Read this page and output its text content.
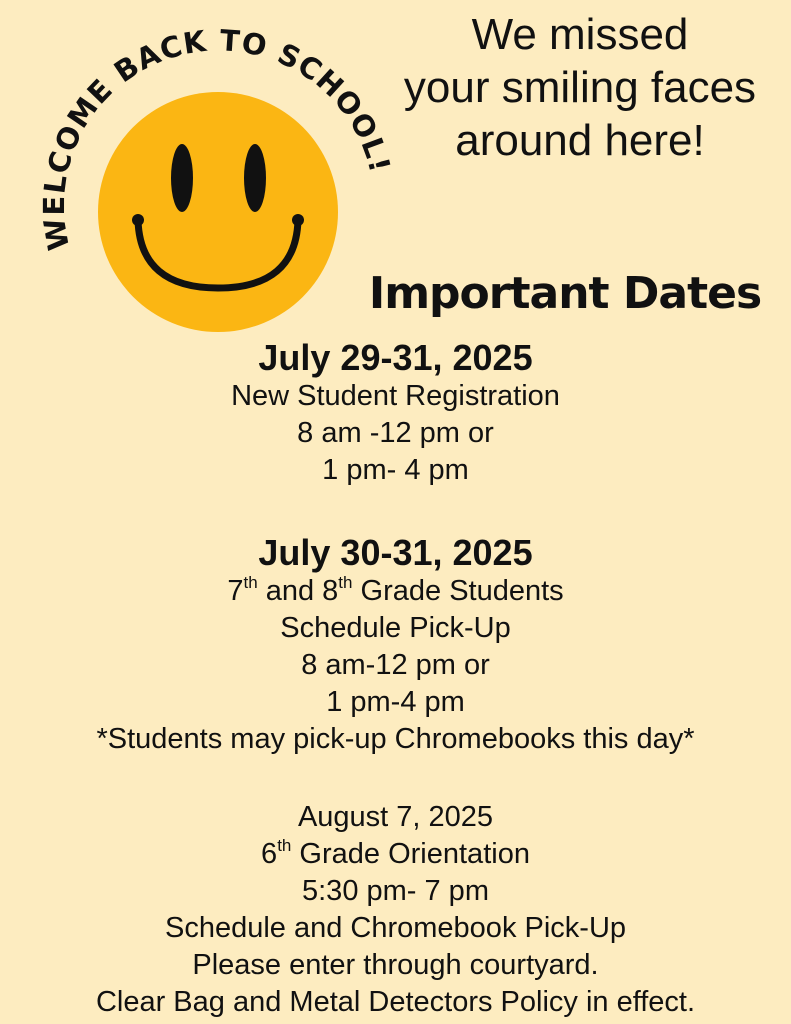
WELCOME BACK TO SCHOOL!
We missed
your smiling faces
around here!
Important Dates
July 29-31, 2025
New Student Registration
8 am -12 pm or
1 pm- 4 pm
July 30-31, 2025
7th and 8th Grade Students
Schedule Pick-Up
8 am-12 pm or
1 pm-4 pm
*Students may pick-up Chromebooks this day*
August 7, 2025
6th Grade Orientation
5:30 pm- 7 pm
Schedule and Chromebook Pick-Up
Please enter through courtyard.
Clear Bag and Metal Detectors Policy in effect.
